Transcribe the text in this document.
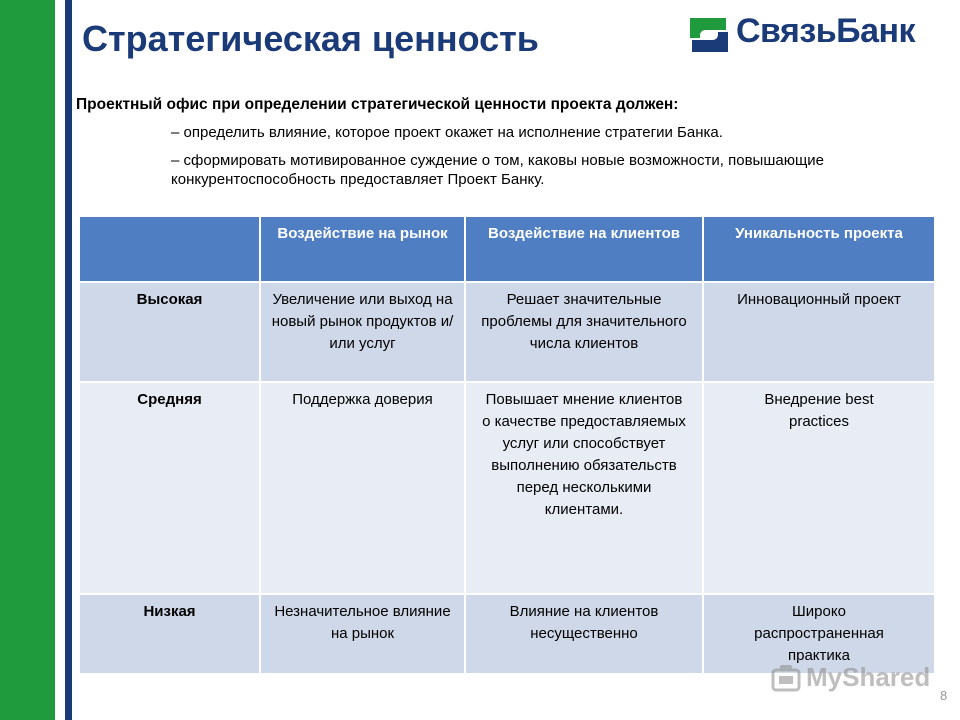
Стратегическая ценность	СвязьБанк
Проектный офис при определении стратегической ценности проекта должен:
– определить влияние, которое проект окажет на исполнение стратегии Банка.
– сформировать мотивированное суждение о том, каковы новые возможности, повышающие конкурентоспособность предоставляет Проект Банку.
	Воздействие на рынок	Воздействие на клиентов	Уникальность проекта
Высокая	Увеличение или выход на новый рынок продуктов и/или услуг	Решает значительные проблемы для значительного числа клиентов	Инновационный проект
Средняя	Поддержка доверия	Повышает мнение клиентов о качестве предоставляемых услуг или способствует выполнению обязательств перед несколькими клиентами.	Внедрение best practices
Низкая	Незначительное влияние на рынок	Влияние на клиентов несущественно	Широко распространенная практика
MyShared
8
